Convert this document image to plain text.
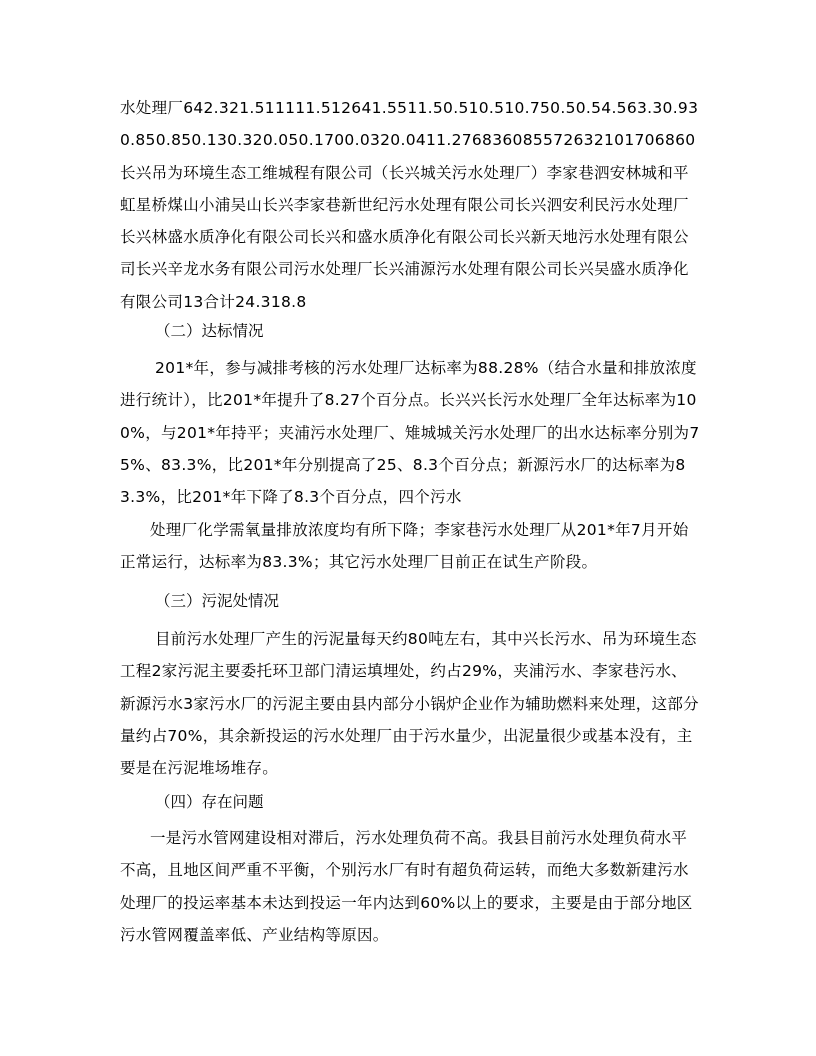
水处理厂642.321.511111.512641.5511.50.510.510.750.50.54.563.30.930.850.850.130.320.050.1700.0320.0411.2768360855726321017068​60长兴吊为环境生态工维城程有限公司（长兴城关污水处理厂）李家巷泗安林城和平虹星桥煤山小浦吴山长兴李家巷新世纪污水处理有限公司长兴泗安利民污水处理厂长兴林盛水质净化有限公司长兴和盛水质净化有限公司长兴新天地污水处理有限公司长兴辛龙水务有限公司污水处理厂长兴浦源污水处理有限公司长兴吴盛水质净化有限公司13合计24.318.8

（二）达标情况

201*年，参与减排考核的污水处理厂达标率为88.28%（结合水量和排放浓度进行统计），比201*年提升了8.27个百分点。长兴兴长污水处理厂全年达标率为100%，与201*年持平；夹浦污水处理厂、雉城城关污水处理厂的出水达标率分别为75%、83.3%，比201*年分别提高了25、8.3个百分点；新源污水厂的达标率为83.3%，比201*年下降了8.3个百分点，四个污水

处理厂化学需氧量排放浓度均有所下降；李家巷污水处理厂从201*年7月开始正常运行，达标率为83.3%；其它污水处理厂目前正在试生产阶段。

（三）污泥处情况

目前污水处理厂产生的污泥量每天约80吨左右，其中兴长污水、吊为环境生态工程2家污泥主要委托环卫部门清运填埋处，约占29%，夹浦污水、李家巷污水、新源污水3家污水厂的污泥主要由县内部分小锅炉企业作为辅助燃料来处理，这部分量约占70%，其余新投运的污水处理厂由于污水量少，出泥量很少或基本没有，主要是在污泥堆场堆存。

（四）存在问题

一是污水管网建设相对滞后，污水处理负荷不高。我县目前污水处理负荷水平不高，且地区间严重不平衡，个别污水厂有时有超负荷运转，而绝大多数新建污水处理厂的投运率基本未达到投运一年内达到60%以上的要求，主要是由于部分地区污水管网覆盖率低、产业结构等原因。
